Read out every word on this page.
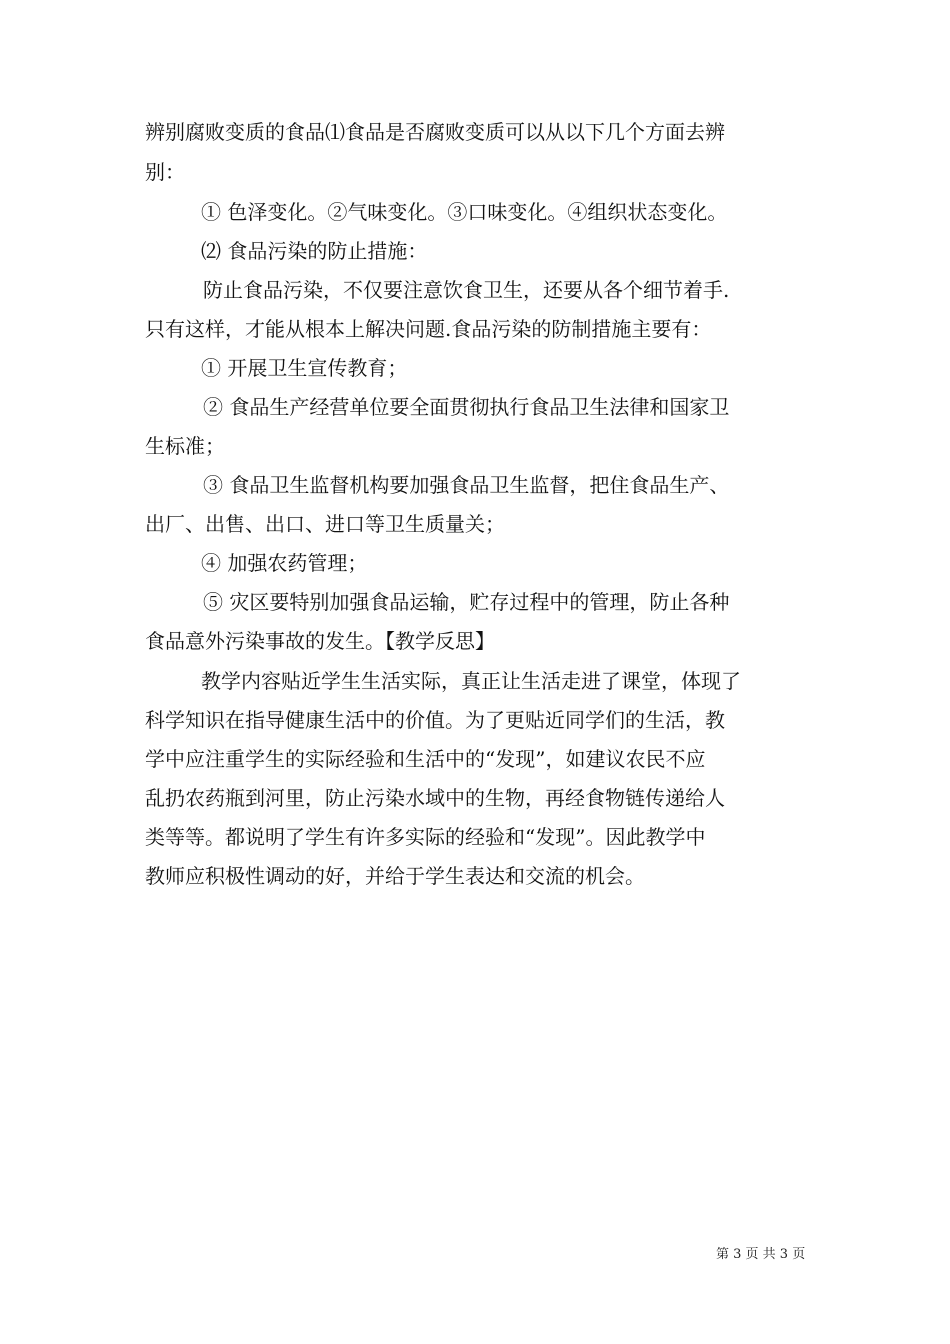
辨别腐败变质的食品⑴食品是否腐败变质可以从以下几个方面去辨
别：
① 色泽变化。②气味变化。③口味变化。④组织状态变化。
⑵ 食品污染的防止措施：
防止食品污染，不仅要注意饮食卫生，还要从各个细节着手.
只有这样，才能从根本上解决问题.食品污染的防制措施主要有：
① 开展卫生宣传教育；
② 食品生产经营单位要全面贯彻执行食品卫生法律和国家卫
生标准；
③ 食品卫生监督机构要加强食品卫生监督，把住食品生产、
出厂、出售、出口、进口等卫生质量关；
④ 加强农药管理；
⑤ 灾区要特别加强食品运输，贮存过程中的管理，防止各种
食品意外污染事故的发生。【教学反思】
教学内容贴近学生生活实际，真正让生活走进了课堂，体现了
科学知识在指导健康生活中的价值。为了更贴近同学们的生活，教
学中应注重学生的实际经验和生活中的“发现”，如建议农民不应
乱扔农药瓶到河里，防止污染水域中的生物，再经食物链传递给人
类等等。都说明了学生有许多实际的经验和“发现”。因此教学中
教师应积极性调动的好，并给于学生表达和交流的机会。
第 3 页 共 3 页
